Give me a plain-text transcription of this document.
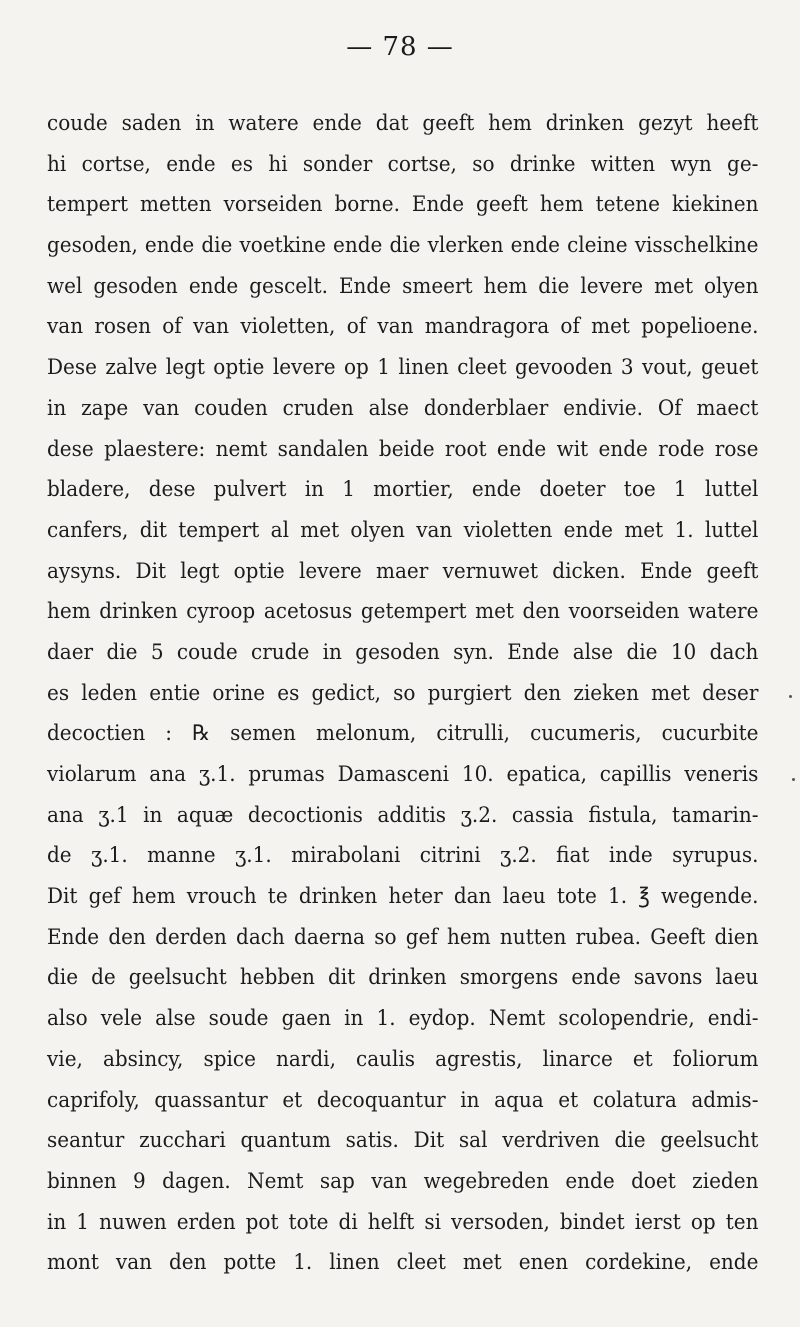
— 78 —
coude saden in watere ende dat geeft hem drinken gezyt heeft
hi cortse, ende es hi sonder cortse, so drinke witten wyn ge-
tempert metten vorseiden borne. Ende geeft hem tetene kiekinen
gesoden, ende die voetkine ende die vlerken ende cleine visschelkine
wel gesoden ende gescelt. Ende smeert hem die levere met olyen
van rosen of van violetten, of van mandragora of met popelioene.
Dese zalve legt optie levere op 1 linen cleet gevooden 3 vout, geuet
in zape van couden cruden alse donderblaer endivie. Of maect
dese plaestere: nemt sandalen beide root ende wit ende rode rose
bladere, dese pulvert in 1 mortier, ende doeter toe 1 luttel
canfers, dit tempert al met olyen van violetten ende met 1. luttel
aysyns. Dit legt optie levere maer vernuwet dicken. Ende geeft
hem drinken cyroop acetosus getempert met den voorseiden watere
daer die 5 coude crude in gesoden syn. Ende alse die 10 dach
es leden entie orine es gedict, so purgiert den zieken met deser
decoctien : ℞ semen melonum, citrulli, cucumeris, cucurbite
violarum ana ʒ.1. prumas Damasceni 10. epatica, capillis veneris
ana ʒ.1 in aquæ decoctionis additis ʒ.2. cassia fistula, tamarin-
de ʒ.1. manne ʒ.1. mirabolani citrini ʒ.2. fiat inde syrupus.
Dit gef hem vrouch te drinken heter dan laeu tote 1. ℥ wegende.
Ende den derden dach daerna so gef hem nutten rubea. Geeft dien
die de geelsucht hebben dit drinken smorgens ende savons laeu
also vele alse soude gaen in 1. eydop. Nemt scolopendrie, endi-
vie, absincy, spice nardi, caulis agrestis, linarce et foliorum
caprifoly, quassantur et decoquantur in aqua et colatura admis-
seantur zucchari quantum satis. Dit sal verdriven die geelsucht
binnen 9 dagen. Nemt sap van wegebreden ende doet zieden
in 1 nuwen erden pot tote di helft si versoden, bindet ierst op ten
mont van den potte 1. linen cleet met enen cordekine, ende
